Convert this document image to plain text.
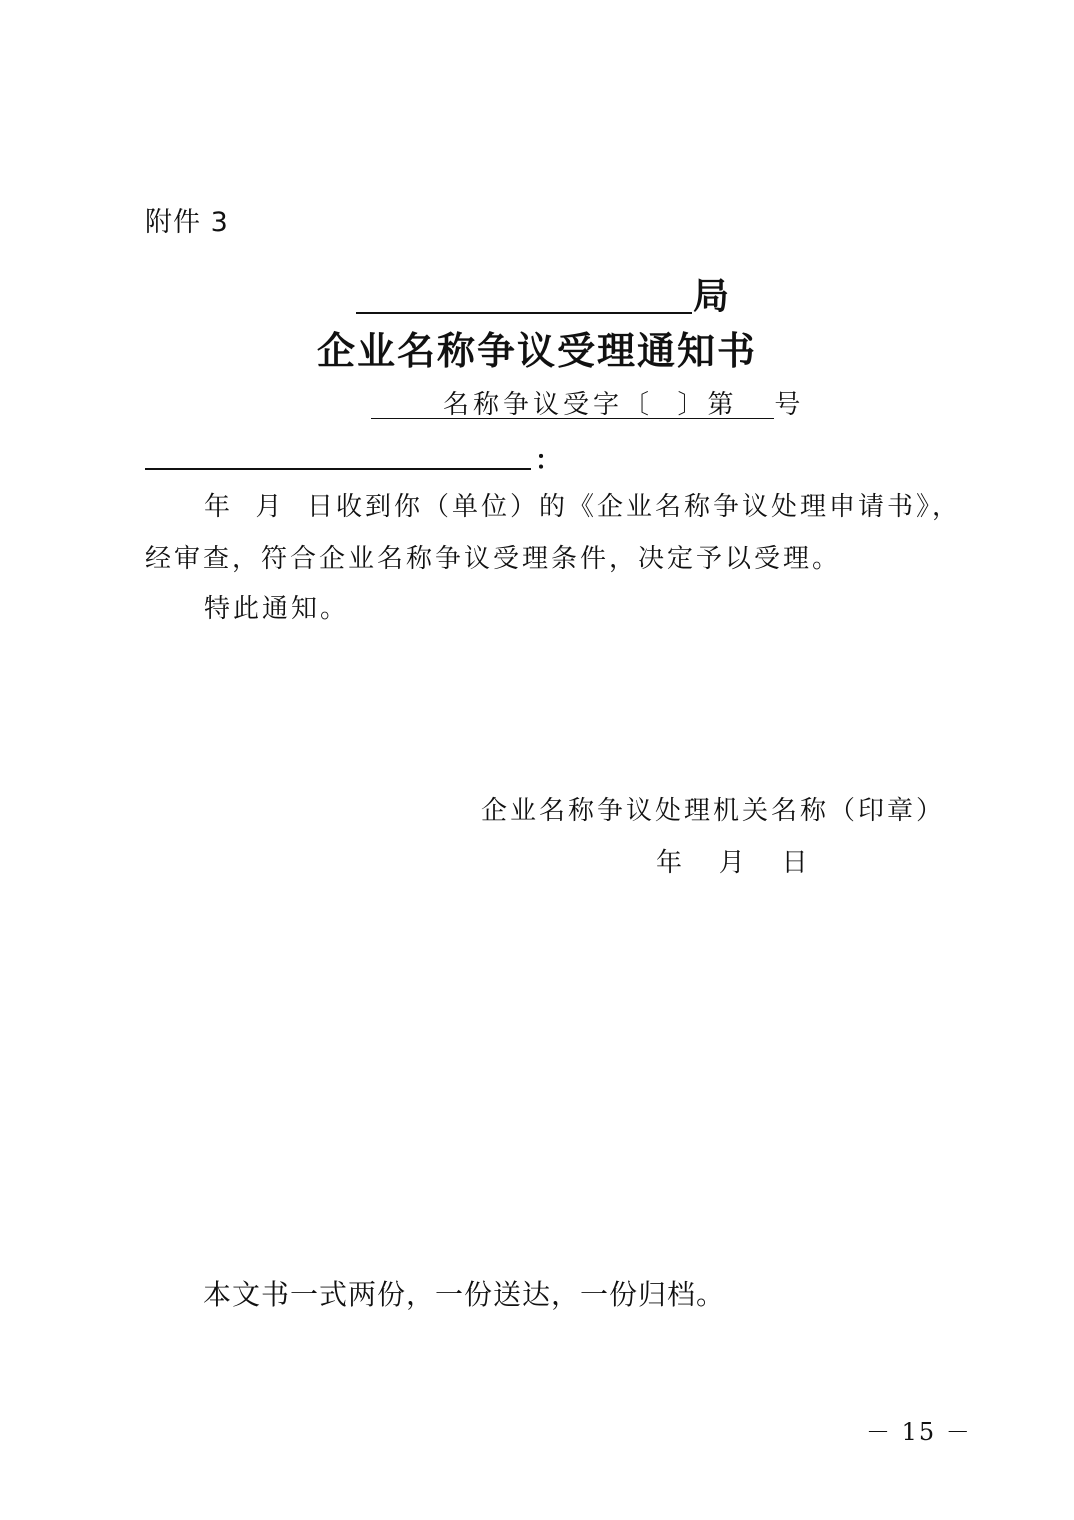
附件 3
局
企业名称争议受理通知书
名称争议受字〔  〕第   号
：
年  月  日收到你（单位）的《企业名称争议处理申请书》，
经审查，符合企业名称争议受理条件，决定予以受理。
特此通知。
企业名称争议处理机关名称（印章）
年   月   日
本文书一式两份，一份送达，一份归档。
－ 15 －
